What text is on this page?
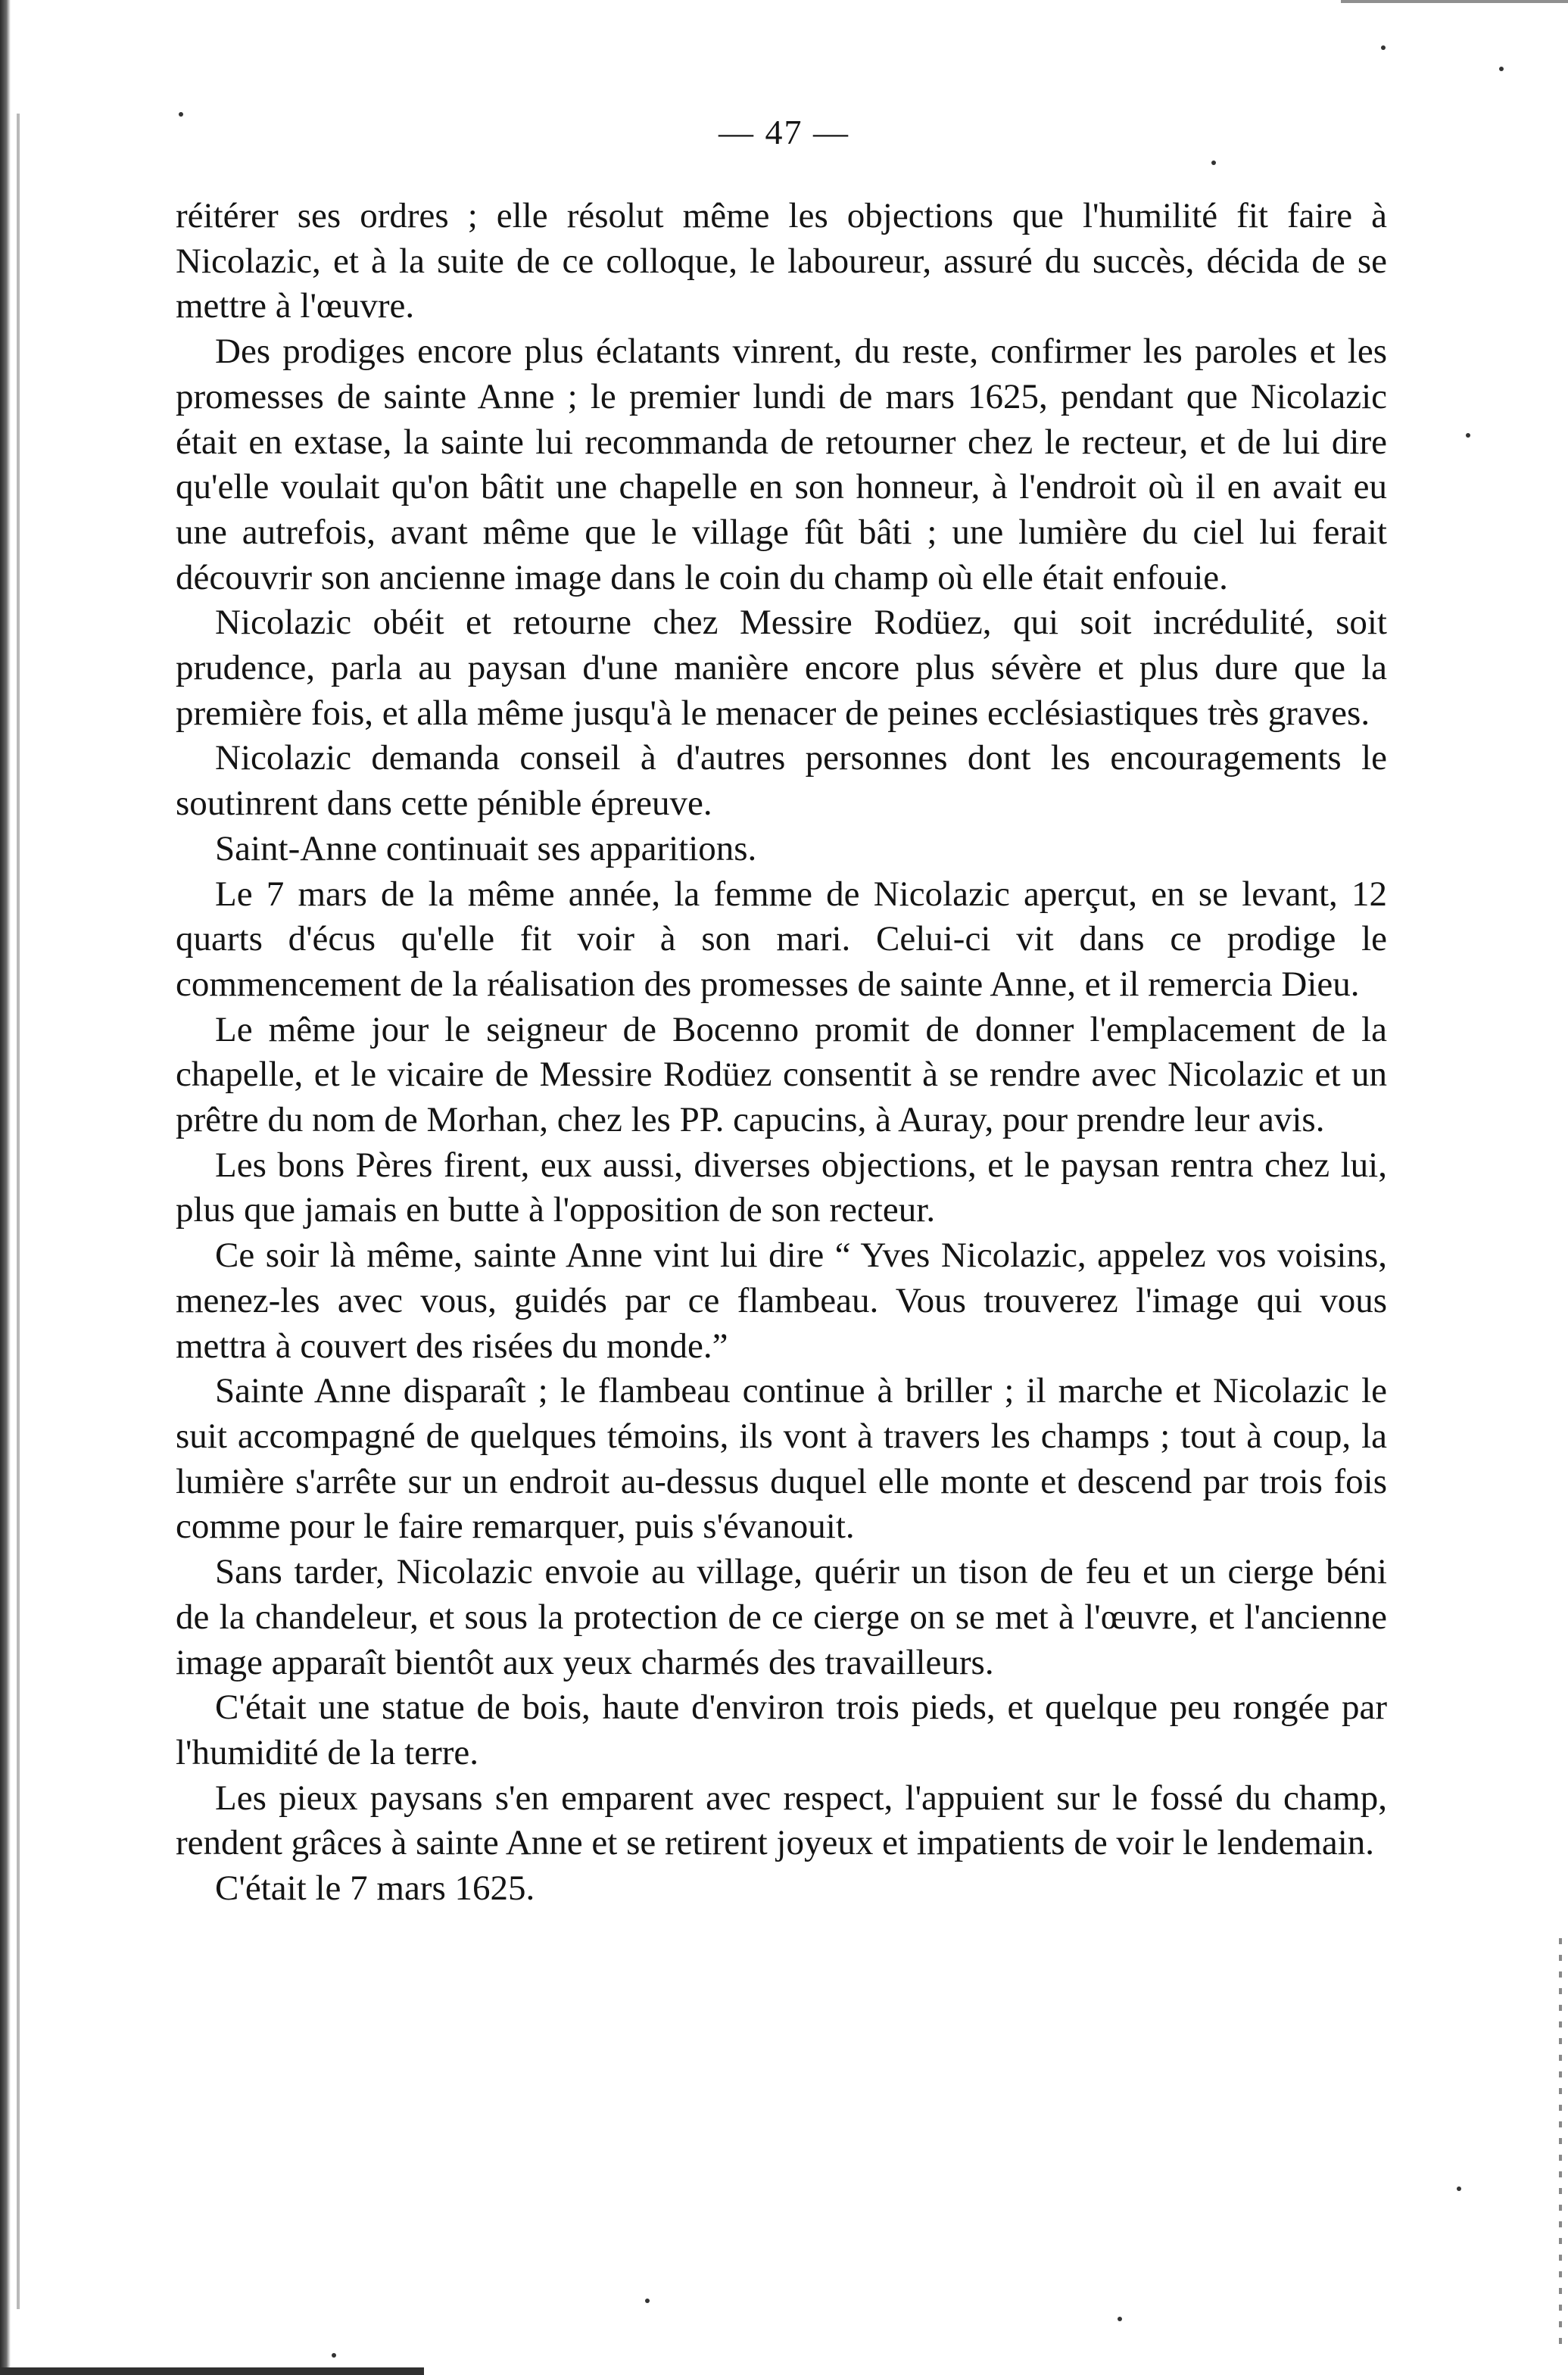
— 47 —

réitérer ses ordres ; elle résolut même les objections que l'humilité fit faire à Nicolazic, et à la suite de ce colloque, le laboureur, assuré du succès, décida de se mettre à l'œuvre.

Des prodiges encore plus éclatants vinrent, du reste, confirmer les paroles et les promesses de sainte Anne ; le premier lundi de mars 1625, pendant que Nicolazic était en extase, la sainte lui recommanda de retourner chez le recteur, et de lui dire qu'elle voulait qu'on bâtit une chapelle en son honneur, à l'endroit où il en avait eu une autrefois, avant même que le village fût bâti ; une lumière du ciel lui ferait découvrir son ancienne image dans le coin du champ où elle était enfouie.

Nicolazic obéit et retourne chez Messire Rodüez, qui soit incrédulité, soit prudence, parla au paysan d'une manière encore plus sévère et plus dure que la première fois, et alla même jusqu'à le menacer de peines ecclésiastiques très graves.

Nicolazic demanda conseil à d'autres personnes dont les encouragements le soutinrent dans cette pénible épreuve.

Saint-Anne continuait ses apparitions.

Le 7 mars de la même année, la femme de Nicolazic aperçut, en se levant, 12 quarts d'écus qu'elle fit voir à son mari. Celui-ci vit dans ce prodige le commencement de la réalisation des promesses de sainte Anne, et il remercia Dieu.

Le même jour le seigneur de Bocenno promit de donner l'emplacement de la chapelle, et le vicaire de Messire Rodüez consentit à se rendre avec Nicolazic et un prêtre du nom de Morhan, chez les PP. capucins, à Auray, pour prendre leur avis.

Les bons Pères firent, eux aussi, diverses objections, et le paysan rentra chez lui, plus que jamais en butte à l'opposition de son recteur.

Ce soir là même, sainte Anne vint lui dire “ Yves Nicolazic, appelez vos voisins, menez-les avec vous, guidés par ce flambeau. Vous trouverez l'image qui vous mettra à couvert des risées du monde.”

Sainte Anne disparaît ; le flambeau continue à briller ; il marche et Nicolazic le suit accompagné de quelques témoins, ils vont à travers les champs ; tout à coup, la lumière s'arrête sur un endroit au-dessus duquel elle monte et descend par trois fois comme pour le faire remarquer, puis s'évanouit.

Sans tarder, Nicolazic envoie au village, quérir un tison de feu et un cierge béni de la chandeleur, et sous la protection de ce cierge on se met à l'œuvre, et l'ancienne image apparaît bientôt aux yeux charmés des travailleurs.

C'était une statue de bois, haute d'environ trois pieds, et quelque peu rongée par l'humidité de la terre.

Les pieux paysans s'en emparent avec respect, l'appuient sur le fossé du champ, rendent grâces à sainte Anne et se retirent joyeux et impatients de voir le lendemain.

C'était le 7 mars 1625.
